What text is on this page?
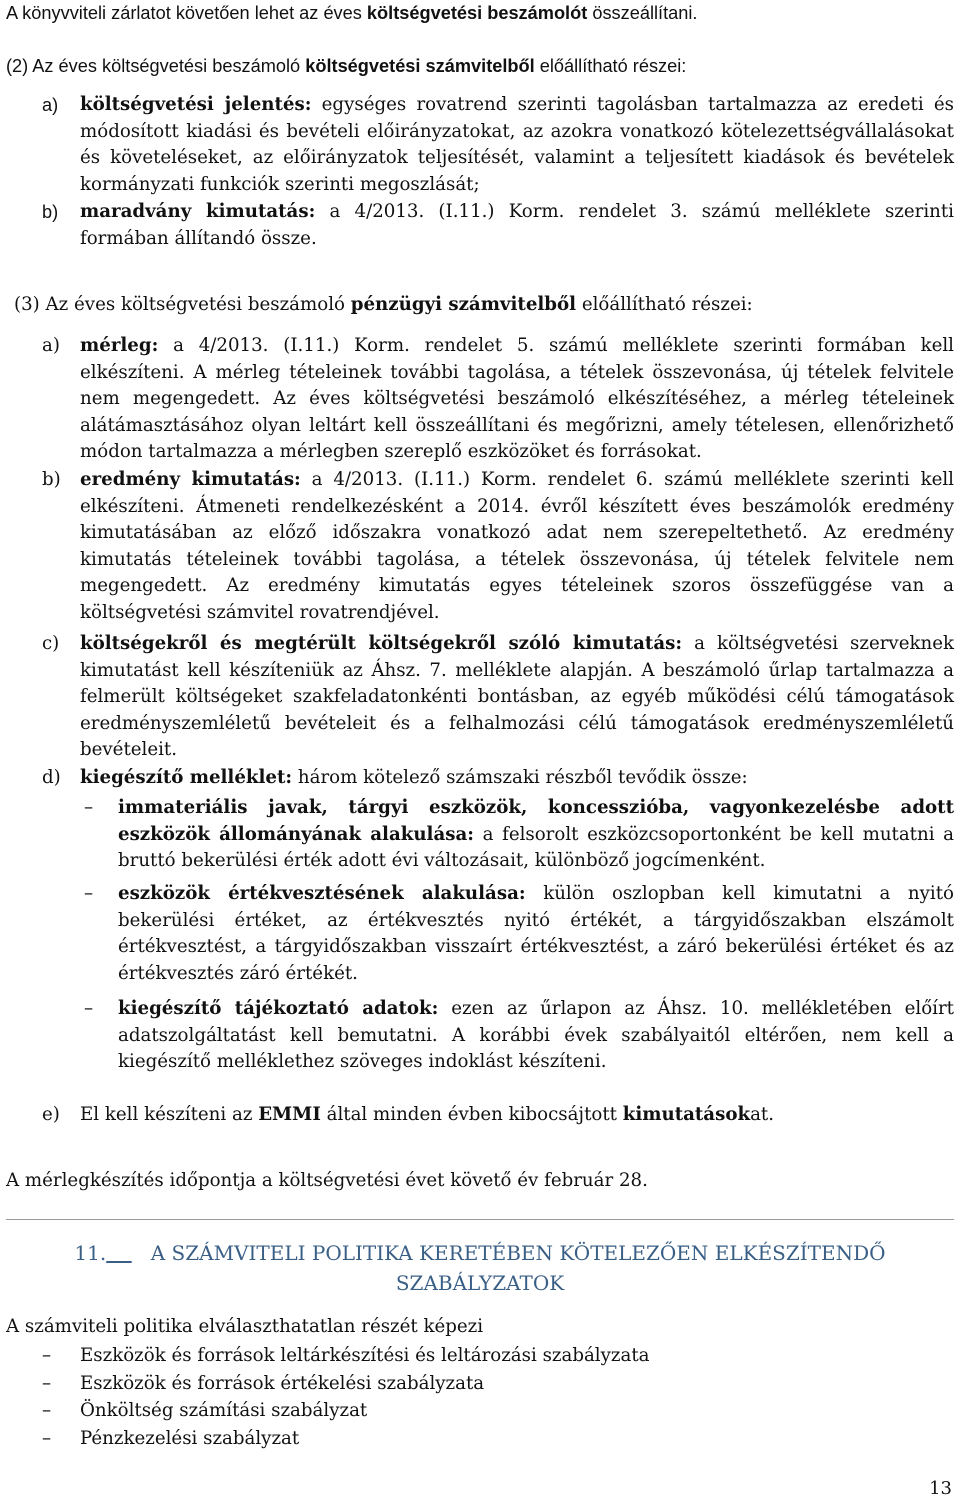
A könyvviteli zárlatot követően lehet az éves költségvetési beszámolót összeállítani.

(2) Az éves költségvetési beszámoló költségvetési számvitelből előállítható részei:

a) költségvetési jelentés: egységes rovatrend szerinti tagolásban tartalmazza az eredeti és módosított kiadási és bevételi előirányzatokat, az azokra vonatkozó kötelezettségvállalásokat és követeléseket, az előirányzatok teljesítését, valamint a teljesített kiadások és bevételek kormányzati funkciók szerinti megoszlását;
b) maradvány kimutatás: a 4/2013. (I.11.) Korm. rendelet 3. számú melléklete szerinti formában állítandó össze.

(3) Az éves költségvetési beszámoló pénzügyi számvitelből előállítható részei:

a) mérleg: a 4/2013. (I.11.) Korm. rendelet 5. számú melléklete szerinti formában kell elkészíteni. A mérleg tételeinek további tagolása, a tételek összevonása, új tételek felvitele nem megengedett. Az éves költségvetési beszámoló elkészítéséhez, a mérleg tételeinek alátámasztásához olyan leltárt kell összeállítani és megőrizni, amely tételesen, ellenőrizhető módon tartalmazza a mérlegben szereplő eszközöket és forrásokat.
b) eredmény kimutatás: a 4/2013. (I.11.) Korm. rendelet 6. számú melléklete szerinti kell elkészíteni. Átmeneti rendelkezésként a 2014. évről készített éves beszámolók eredmény kimutatásában az előző időszakra vonatkozó adat nem szerepeltethető. Az eredmény kimutatás tételeinek további tagolása, a tételek összevonása, új tételek felvitele nem megengedett. Az eredmény kimutatás egyes tételeinek szoros összefüggése van a költségvetési számvitel rovatrendjével.
c) költségekről és megtérült költségekről szóló kimutatás: a költségvetési szerveknek kimutatást kell készíteniük az Áhsz. 7. melléklete alapján. A beszámoló űrlap tartalmazza a felmerült költségeket szakfeladatonkénti bontásban, az egyéb működési célú támogatások eredményszemléletű bevételeit és a felhalmozási célú támogatások eredményszemléletű bevételeit.
d) kiegészítő melléklet: három kötelező számszaki részből tevődik össze:
– immateriális javak, tárgyi eszközök, koncesszióba, vagyonkezelésbe adott eszközök állományának alakulása: a felsorolt eszközcsoportonként be kell mutatni a bruttó bekerülési érték adott évi változásait, különböző jogcímenként.
– eszközök értékvesztésének alakulása: külön oszlopban kell kimutatni a nyitó bekerülési értéket, az értékvesztés nyitó értékét, a tárgyidőszakban elszámolt értékvesztést, a tárgyidőszakban visszaírt értékvesztést, a záró bekerülési értéket és az értékvesztés záró értékét.
– kiegészítő tájékoztató adatok: ezen az űrlapon az Áhsz. 10. mellékletében előírt adatszolgáltatást kell bemutatni. A korábbi évek szabályaitól eltérően, nem kell a kiegészítő melléklethez szöveges indoklást készíteni.
e) El kell készíteni az EMMI által minden évben kibocsájtott kimutatásokat.

A mérlegkészítés időpontja a költségvetési évet követő év február 28.

11. A SZÁMVITELI POLITIKA KERETÉBEN KÖTELEZŐEN ELKÉSZÍTENDŐ
SZABÁLYZATOK

A számviteli politika elválaszthatatlan részét képezi

– Eszközök és források leltárkészítési és leltározási szabályzata
– Eszközök és források értékelési szabályzata
– Önköltség számítási szabályzat
– Pénzkezelési szabályzat
13
